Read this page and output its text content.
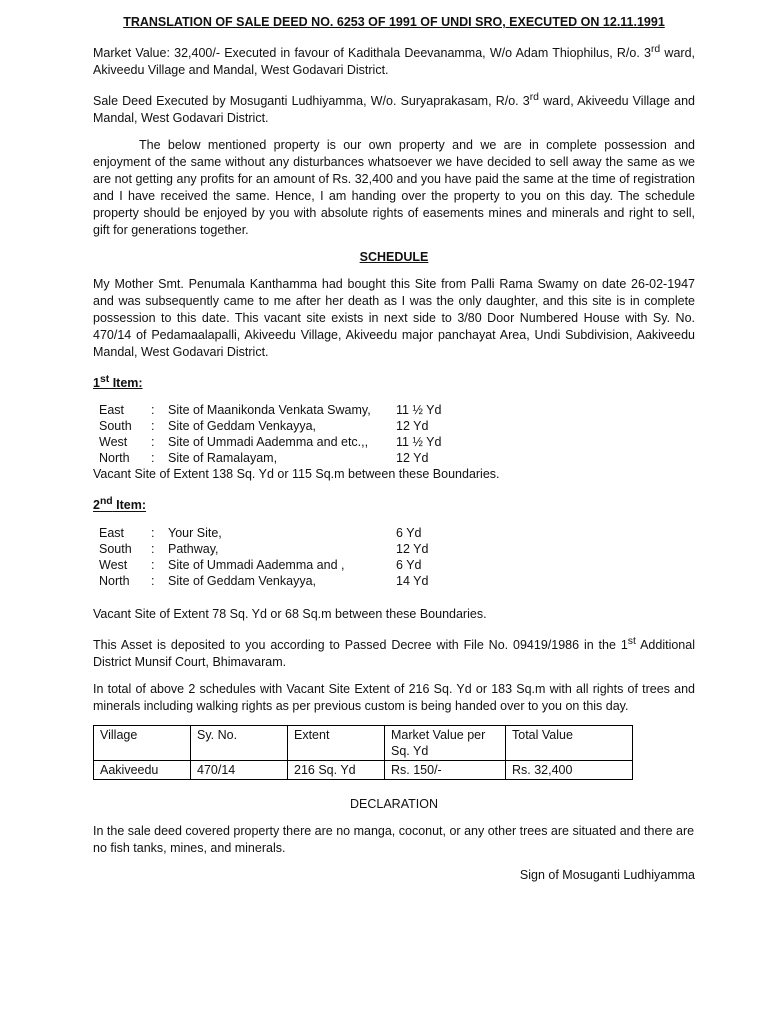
TRANSLATION OF SALE DEED NO. 6253 OF 1991 OF UNDI SRO, EXECUTED ON 12.11.1991

Market Value: 32,400/- Executed in favour of Kadithala Deevanamma, W/o Adam Thiophilus, R/o. 3rd ward, Akiveedu Village and Mandal, West Godavari District.

Sale Deed Executed by Mosuganti Ludhiyamma, W/o. Suryaprakasam, R/o. 3rd ward, Akiveedu Village and Mandal, West Godavari District.

The below mentioned property is our own property and we are in complete possession and enjoyment of the same without any disturbances whatsoever we have decided to sell away the same as we are not getting any profits for an amount of Rs. 32,400 and you have paid the same at the time of registration and I have received the same. Hence, I am handing over the property to you on this day. The schedule property should be enjoyed by you with absolute rights of easements mines and minerals and right to sell, gift for generations together.

SCHEDULE

My Mother Smt. Penumala Kanthamma had bought this Site from Palli Rama Swamy on date 26-02-1947 and was subsequently came to me after her death as I was the only daughter, and this site is in complete possession to this date. This vacant site exists in next side to 3/80 Door Numbered House with Sy. No. 470/14 of Pedamaalapalli, Akiveedu Village, Akiveedu major panchayat Area, Undi Subdivision, Aakiveedu Mandal, West Godavari District.

1st Item:
East	:	Site of Maanikonda Venkata Swamy,	11 ½ Yd
South	:	Site of Geddam Venkayya,	12 Yd
West	:	Site of Ummadi Aademma and etc.,,	11 ½ Yd
North	:	Site of Ramalayam,	12 Yd
Vacant Site of Extent 138 Sq. Yd or 115 Sq.m between these Boundaries.
2nd Item:
East	:	Your Site,	6 Yd
South	:	Pathway,	12 Yd
West	:	Site of Ummadi Aademma and ,	6 Yd
North	:	Site of Geddam Venkayya,	14 Yd

Vacant Site of Extent 78 Sq. Yd or 68 Sq.m between these Boundaries.

This Asset is deposited to you according to Passed Decree with File No. 09419/1986 in the 1st Additional District Munsif Court, Bhimavaram.

In total of above 2 schedules with Vacant Site Extent of 216 Sq. Yd or 183 Sq.m with all rights of trees and minerals including walking rights as per previous custom is being handed over to you on this day.

Village	Sy. No.	Extent	Market Value per Sq. Yd	Total Value
Aakiveedu	470/14	216 Sq. Yd	Rs. 150/-	Rs. 32,400
DECLARATION

In the sale deed covered property there are no manga, coconut, or any other trees are situated and there are no fish tanks, mines, and minerals.

Sign of Mosuganti Ludhiyamma
